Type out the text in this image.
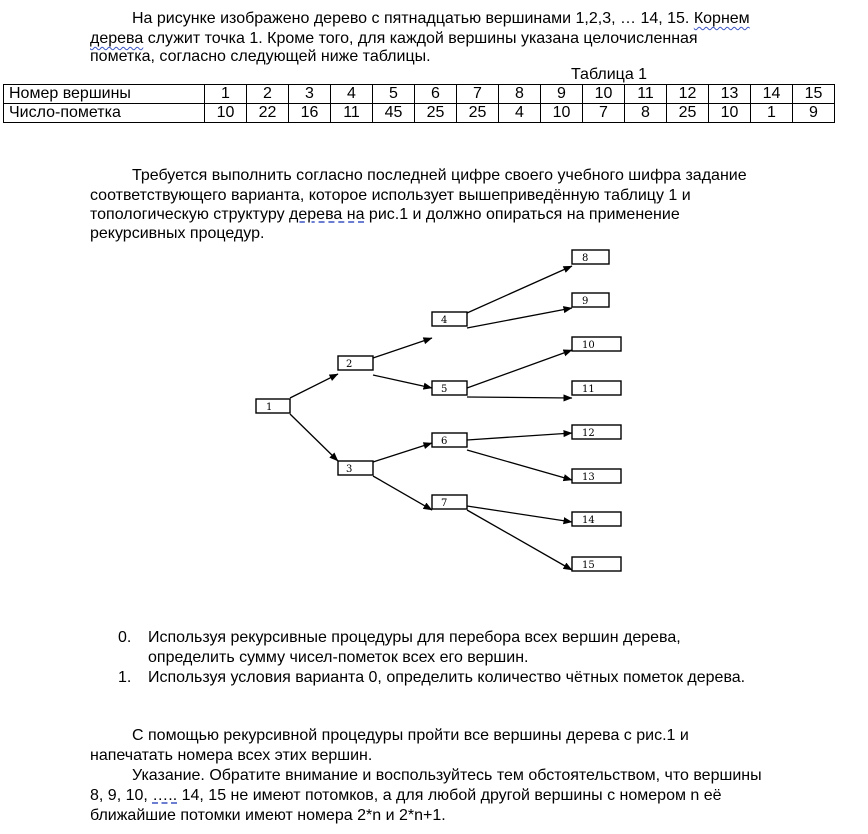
На рисунке изображено дерево с пятнадцатью вершинами 1,2,3, … 14, 15. Корнем

дерева служит точка 1. Кроме того, для каждой вершины указана целочисленная

пометка, согласно следующей ниже таблицы.

Таблица 1
Номер вершины	1	2	3	4	5	6	7	8	9	10	11	12	13	14	15
Число-пометка	10	22	16	11	45	25	25	4	10	7	8	25	10	1	9

Требуется выполнить согласно последней цифре своего учебного шифра задание

соответствующего варианта, которое использует вышеприведённую таблицу 1 и

топологическую структуру дерева на рис.1 и должно опираться на применение

рекурсивных процедур.

1
2
3
4
5
6
7
8
9
10
11
12
13
14
15
0. Используя рекурсивные процедуры для перебора всех вершин дерева,
определить сумму чисел-пометок всех его вершин.
1. Используя условия варианта 0, определить количество чётных пометок дерева.

С помощью рекурсивной процедуры пройти все вершины дерева с рис.1 и

напечатать номера всех этих вершин.

Указание. Обратите внимание и воспользуйтесь тем обстоятельством, что вершины

8, 9, 10, ….. 14, 15 не имеют потомков, а для любой другой вершины с номером n её

ближайшие потомки имеют номера 2*n и 2*n+1.
